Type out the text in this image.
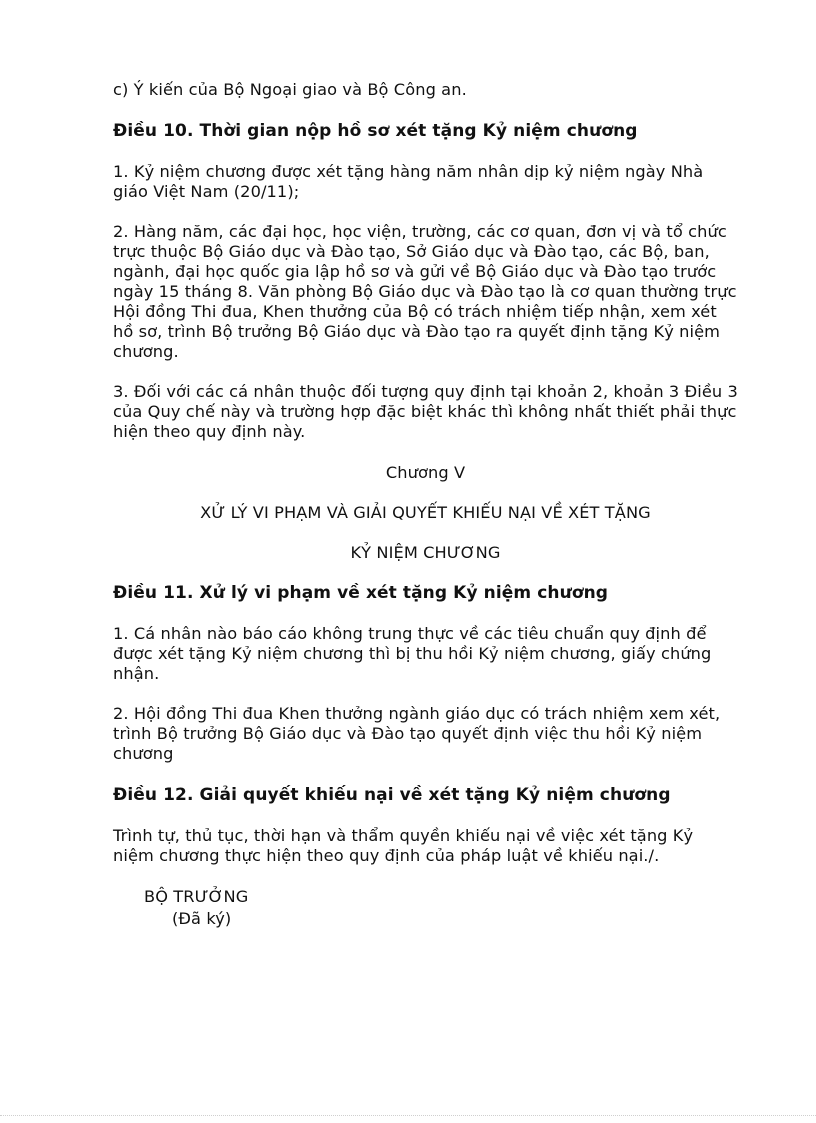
c) Ý kiến của Bộ Ngoại giao và Bộ Công an.

Điều 10. Thời gian nộp hồ sơ xét tặng Kỷ niệm chương

1. Kỷ niệm chương được xét tặng hàng năm nhân dịp kỷ niệm ngày Nhà giáo Việt Nam (20/11);

2. Hàng năm, các đại học, học viện, trường, các cơ quan, đơn vị và tổ chức trực thuộc Bộ Giáo dục và Đào tạo, Sở Giáo dục và Đào tạo, các Bộ, ban, ngành, đại học quốc gia lập hồ sơ và gửi về Bộ Giáo dục và Đào tạo trước ngày 15 tháng 8. Văn phòng Bộ Giáo dục và Đào tạo là cơ quan thường trực Hội đồng Thi đua, Khen thưởng của Bộ có trách nhiệm tiếp nhận, xem xét hồ sơ, trình Bộ trưởng Bộ Giáo dục và Đào tạo ra quyết định tặng Kỷ niệm chương.

3. Đối với các cá nhân thuộc đối tượng quy định tại khoản 2, khoản 3 Điều 3 của Quy chế này và trường hợp đặc biệt khác thì không nhất thiết phải thực hiện theo quy định này.

Chương V

XỬ LÝ VI PHẠM VÀ GIẢI QUYẾT KHIẾU NẠI VỀ XÉT TẶNG

KỶ NIỆM CHƯƠNG

Điều 11. Xử lý vi phạm về xét tặng Kỷ niệm chương

1. Cá nhân nào báo cáo không trung thực về các tiêu chuẩn quy định để được xét tặng Kỷ niệm chương thì bị thu hồi Kỷ niệm chương, giấy chứng nhận.

2. Hội đồng Thi đua Khen thưởng ngành giáo dục có trách nhiệm xem xét, trình Bộ trưởng Bộ Giáo dục và Đào tạo quyết định việc thu hồi Kỷ niệm chương

Điều 12. Giải quyết khiếu nại về xét tặng Kỷ niệm chương

Trình tự, thủ tục, thời hạn và thẩm quyền khiếu nại về việc xét tặng Kỷ niệm chương thực hiện theo quy định của pháp luật về khiếu nại./.

BỘ TRƯỞNG
(Đã ký)
